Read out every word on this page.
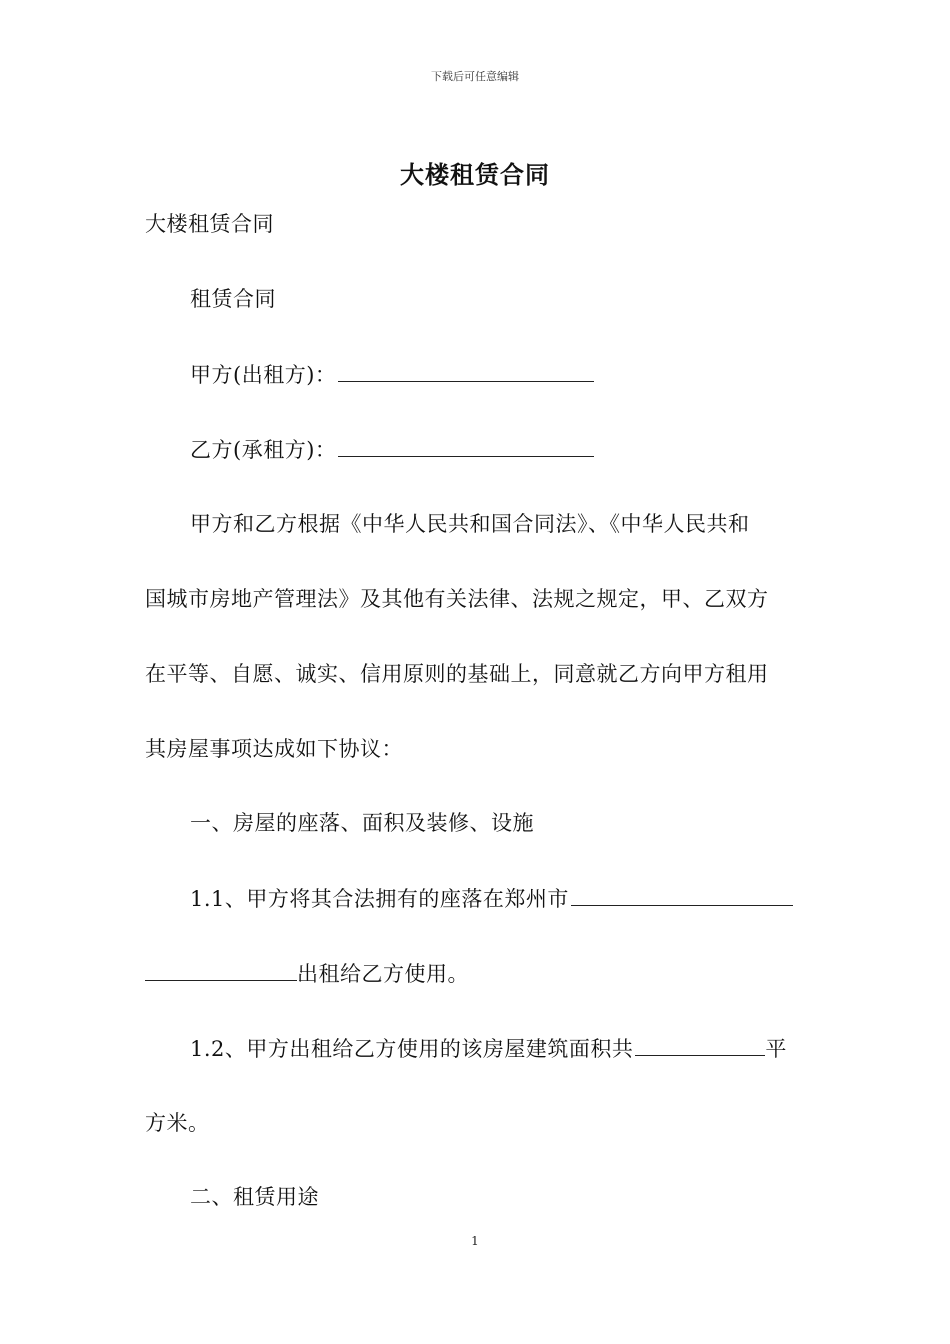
下载后可任意编辑
大楼租赁合同
大楼租赁合同
租赁合同
甲方(出租方)：
乙方(承租方)：
甲方和乙方根据《中华人民共和国合同法》、《中华人民共和
国城市房地产管理法》及其他有关法律、法规之规定，甲、乙双方
在平等、自愿、诚实、信用原则的基础上，同意就乙方向甲方租用
其房屋事项达成如下协议：
一、房屋的座落、面积及装修、设施
1.1、甲方将其合法拥有的座落在郑州市
出租给乙方使用。
1.2、甲方出租给乙方使用的该房屋建筑面积共	平
方米。
二、租赁用途
1
